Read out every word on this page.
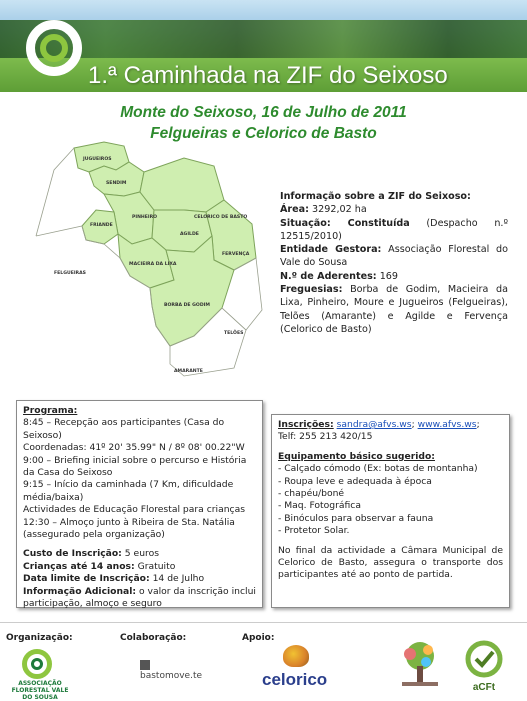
1.ª Caminhada na ZIF do Seixoso
Monte do Seixoso, 16 de Julho de 2011
Felgueiras e Celorico de Basto
JUGUEIROS
SENDIM
PINHEIRO
FRIANDE
CELORICO DE BASTO
AGILDE
FELGUEIRAS
MACIEIRA DA LIXA
FERVENÇA
BORBA DE GODIM
TELÕES
AMARANTE

Informação sobre a ZIF do Seixoso:

Área: 3292,02 ha

Situação: Constituída (Despacho n.º 12515/2010)

Entidade Gestora: Associação Florestal do Vale do Sousa

N.º de Aderentes: 169

Freguesias: Borba de Godim, Macieira da Lixa, Pinheiro, Moure e Jugueiros (Felgueiras), Telões (Amarante) e Agilde e Fervença (Celorico de Basto)

Programa:

8:45 – Recepção aos participantes (Casa do Seixoso)

Coordenadas: 41º 20' 35.99" N / 8º 08' 00.22"W

9:00 – Briefing inicial sobre o percurso e História da Casa do Seixoso

9:15 – Início da caminhada (7 Km, dificuldade média/baixa)

Actividades de Educação Florestal para crianças

12:30 – Almoço junto à Ribeira de Sta. Natália (assegurado pela organização)

Custo de Inscrição: 5 euros

Crianças até 14 anos: Gratuito

Data limite de Inscrição: 14 de Julho

Informação Adicional: o valor da inscrição inclui participação, almoço e seguro

Inscrições: sandra@afvs.ws; www.afvs.ws;

Telf: 255 213 420/15

Equipamento básico sugerido:

- Calçado cómodo (Ex: botas de montanha)

- Roupa leve e adequada à época

- chapéu/boné

- Maq. Fotográfica

- Binóculos para observar a fauna

- Protetor Solar.

No final da actividade a Câmara Municipal de Celorico de Basto, assegura o transporte dos participantes até ao ponto de partida.

Organização:	Colaboração:	Apoio:
ASSOCIAÇÃO FLORESTAL VALE DO SOUSA
bastomove.te	celorico	aCFt
